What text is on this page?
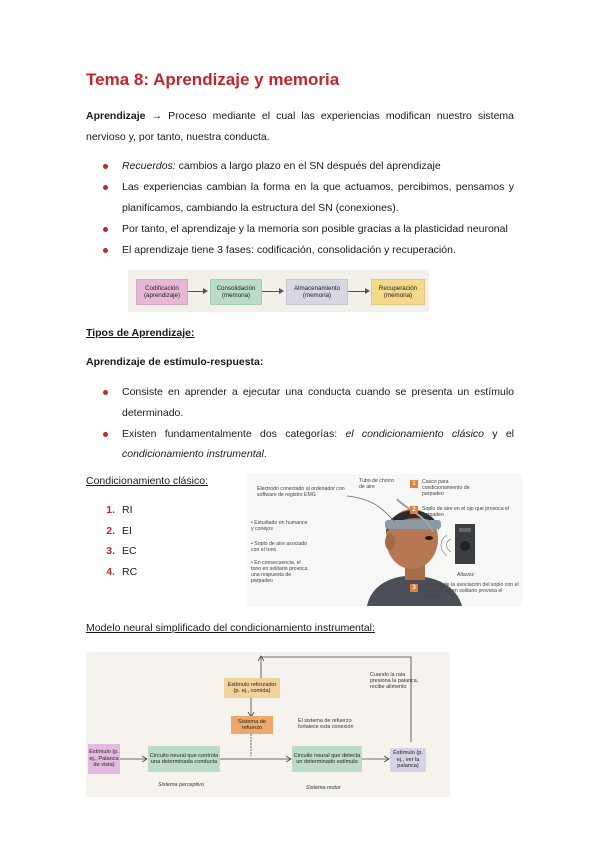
Tema 8: Aprendizaje y memoria
Aprendizaje → Proceso mediante el cual las experiencias modifican nuestro sistema nervioso y, por tanto, nuestra conducta.
Recuerdos: cambios a largo plazo en el SN después del aprendizaje
Las experiencias cambian la forma en la que actuamos, percibimos, pensamos y planificamos, cambiando la estructura del SN (conexiones).
Por tanto, el aprendizaje y la memoria son posible gracias a la plasticidad neuronal
El aprendizaje tiene 3 fases: codificación, consolidación y recuperación.
Codificación
(aprendizaje)
Consolidación
(memoria)
Almacenamiento
(memoria)
Recuperación
(memoria)
Tipos de Aprendizaje:
Aprendizaje de estímulo-respuesta:
Consiste en aprender a ejecutar una conducta cuando se presenta un estímulo determinado.
Existen fundamentalmente dos categorías: el condicionamiento clásico y el condicionamiento instrumental.
Condicionamiento clásico:
1. RI
2. EI
3. EC
4. RC
Electrodo conectado al ordenador con software de registro EMG
Tubo de chorro de aire	1	Casco para condicionamiento de parpadeo
2	Soplo de aire en el ojo que provoca el parpadeo
• Estudiado en humanos y conejos
• Soplo de aire asociado con el tono
• En consecuencia, el tono en solitario provoca una respuesta de parpadeo
Altavoz
3	Después de la asociación del soplo con el tono, el tono en solitario provoca el parpadeo
Modelo neural simplificado del condicionamiento instrumental:
Estímulo reforzador (p. ej., comida)
Sistema de refuerzo
El sistema de refuerzo fortalece esta conexión
Cuando la rata presiona la palanca, recibe alimento
Estímulo (p. ej., Palanca de vista)
Circuito neural que controla una determinada conducta
Circuito neural que detecta un determinado estímulo
Estímulo (p. ej., ver la palanca)
Sistema perceptivo	Sistema motor
